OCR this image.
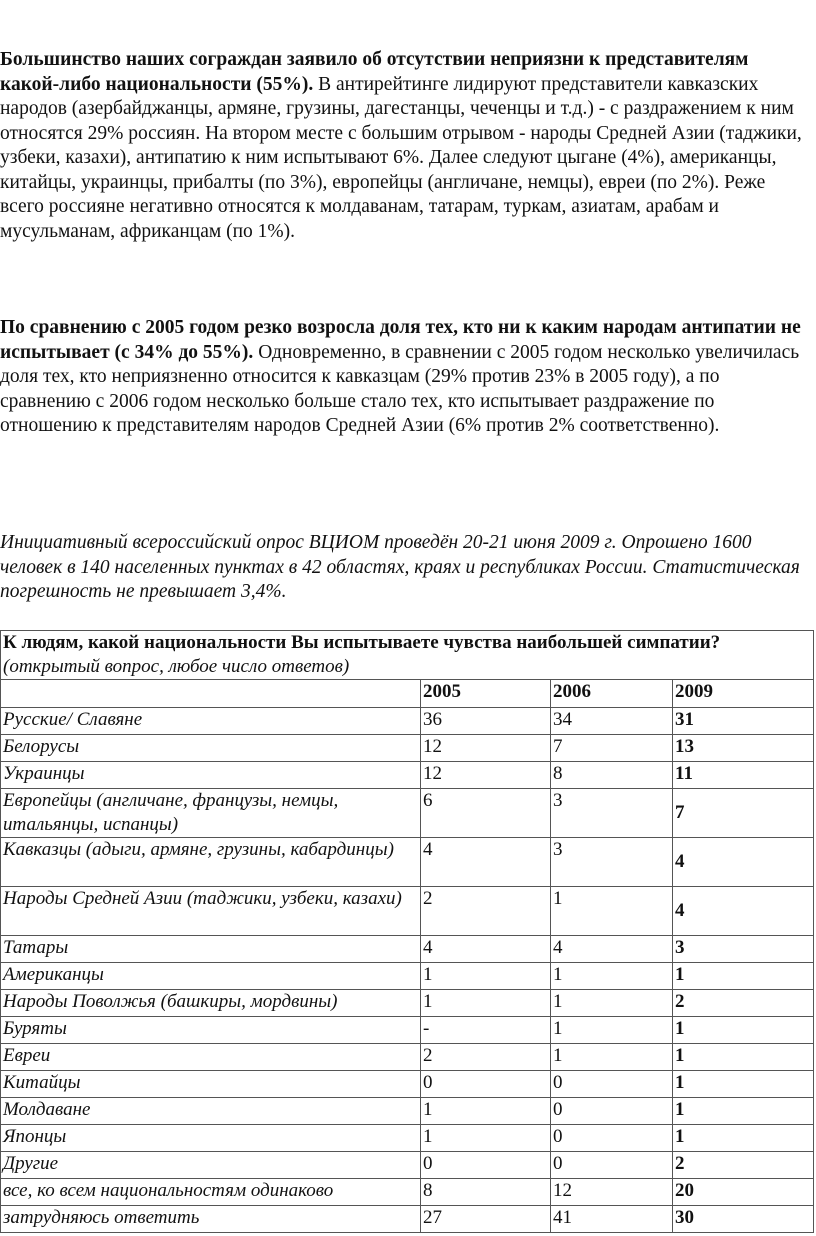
Большинство наших сограждан заявило об отсутствии неприязни к представителям какой-либо национальности (55%). В антирейтинге лидируют представители кавказских народов (азербайджанцы, армяне, грузины, дагестанцы, чеченцы и т.д.) - с раздражением к ним относятся 29% россиян. На втором месте с большим отрывом - народы Средней Азии (таджики, узбеки, казахи), антипатию к ним испытывают 6%. Далее следуют цыгане (4%), американцы, китайцы, украинцы, прибалты (по 3%), европейцы (англичане, немцы), евреи (по 2%). Реже всего россияне негативно относятся к молдаванам, татарам, туркам, азиатам, арабам и мусульманам, африканцам (по 1%).

По сравнению с 2005 годом резко возросла доля тех, кто ни к каким народам антипатии не испытывает (с 34% до 55%). Одновременно, в сравнении с 2005 годом несколько увеличилась доля тех, кто неприязненно относится к кавказцам (29% против 23% в 2005 году), а по сравнению с 2006 годом несколько больше стало тех, кто испытывает раздражение по отношению к представителям народов Средней Азии (6% против 2% соответственно).

Инициативный всероссийский опрос ВЦИОМ проведён 20-21 июня 2009 г. Опрошено 1600 человек в 140 населенных пунктах в 42 областях, краях и республиках России. Статистическая погрешность не превышает 3,4%.

К людям, какой национальности Вы испытываете чувства наибольшей симпатии?
(открытый вопрос, любое число ответов)			

	2005	2006	2009
Русские/ Славяне	36	34	31
Белорусы	12	7	13
Украинцы	12	8	11
Европейцы (англичане, французы, немцы, итальянцы, испанцы)	6	3	7
Кавказцы (адыги, армяне, грузины, кабардинцы)	4	3	4
Народы Средней Азии (таджики, узбеки, казахи)	2	1	4
Татары	4	4	3
Американцы	1	1	1
Народы Поволжья (башкиры, мордвины)	1	1	2
Буряты	-	1	1
Евреи	2	1	1
Китайцы	0	0	1
Молдаване	1	0	1
Японцы	1	0	1
Другие	0	0	2
все, ко всем национальностям одинаково	8	12	20
затрудняюсь ответить	27	41	30
